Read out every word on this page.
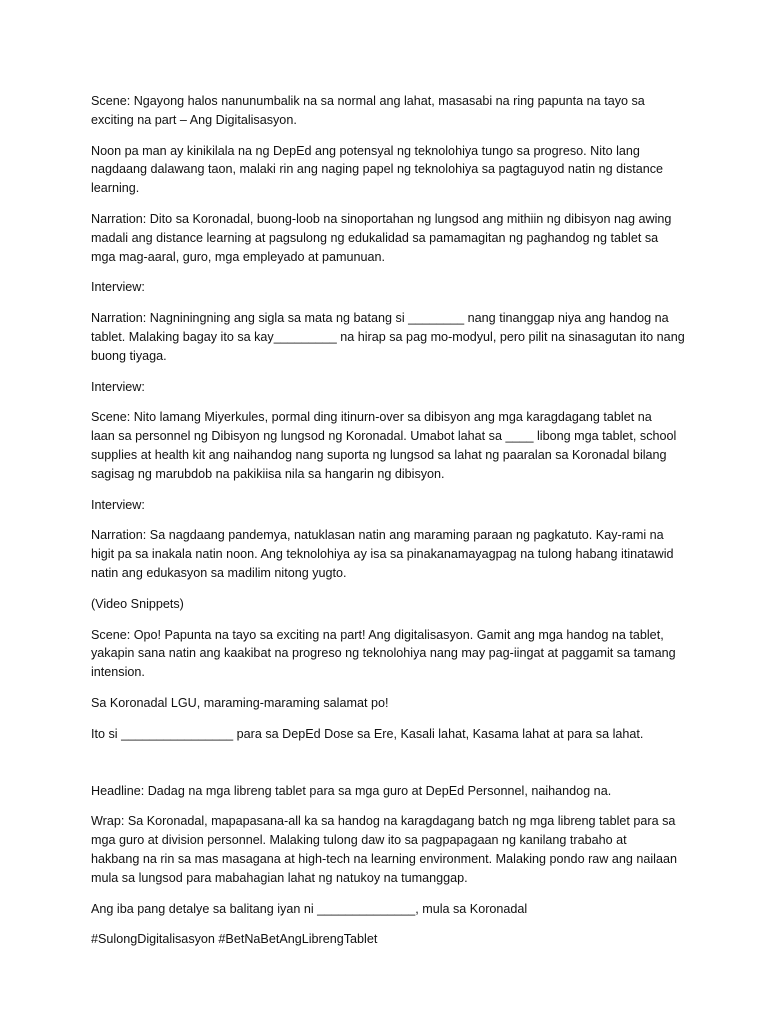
Scene: Ngayong halos nanunumbalik na sa normal ang lahat, masasabi na ring papunta na tayo sa
exciting na part – Ang Digitalisasyon.

Noon pa man ay kinikilala na ng DepEd ang potensyal ng teknolohiya tungo sa progreso. Nito lang
nagdaang dalawang taon, malaki rin ang naging papel ng teknolohiya sa pagtaguyod natin ng distance
learning.

Narration: Dito sa Koronadal, buong-loob na sinoportahan ng lungsod ang mithiin ng dibisyon nag awing
madali ang distance learning at pagsulong ng edukalidad sa pamamagitan ng paghandog ng tablet sa
mga mag-aaral, guro, mga empleyado at pamunuan.

Interview:

Narration: Nagniningning ang sigla sa mata ng batang si ________ nang tinanggap niya ang handog na
tablet. Malaking bagay ito sa kay_________ na hirap sa pag mo-modyul, pero pilit na sinasagutan ito nang
buong tiyaga.

Interview:

Scene: Nito lamang Miyerkules, pormal ding itinurn-over sa dibisyon ang mga karagdagang tablet na
laan sa personnel ng Dibisyon ng lungsod ng Koronadal. Umabot lahat sa ____ libong mga tablet, school
supplies at health kit ang naihandog nang suporta ng lungsod sa lahat ng paaralan sa Koronadal bilang
sagisag ng marubdob na pakikiisa nila sa hangarin ng dibisyon.

Interview:

Narration: Sa nagdaang pandemya, natuklasan natin ang maraming paraan ng pagkatuto. Kay-rami na
higit pa sa inakala natin noon. Ang teknolohiya ay isa sa pinakanamayagpag na tulong habang itinatawid
natin ang edukasyon sa madilim nitong yugto.

(Video Snippets)

Scene: Opo! Papunta na tayo sa exciting na part! Ang digitalisasyon. Gamit ang mga handog na tablet,
yakapin sana natin ang kaakibat na progreso ng teknolohiya nang may pag-iingat at paggamit sa tamang
intension.

Sa Koronadal LGU, maraming-maraming salamat po!

Ito si ________________ para sa DepEd Dose sa Ere, Kasali lahat, Kasama lahat at para sa lahat.

Headline: Dadag na mga libreng tablet para sa mga guro at DepEd Personnel, naihandog na.

Wrap: Sa Koronadal, mapapasana-all ka sa handog na karagdagang batch ng mga libreng tablet para sa
mga guro at division personnel. Malaking tulong daw ito sa pagpapagaan ng kanilang trabaho at
hakbang na rin sa mas masagana at high-tech na learning environment. Malaking pondo raw ang nailaan
mula sa lungsod para mabahagian lahat ng natukoy na tumanggap.

Ang iba pang detalye sa balitang iyan ni ______________, mula sa Koronadal

#SulongDigitalisasyon #BetNaBetAngLibrengTablet
